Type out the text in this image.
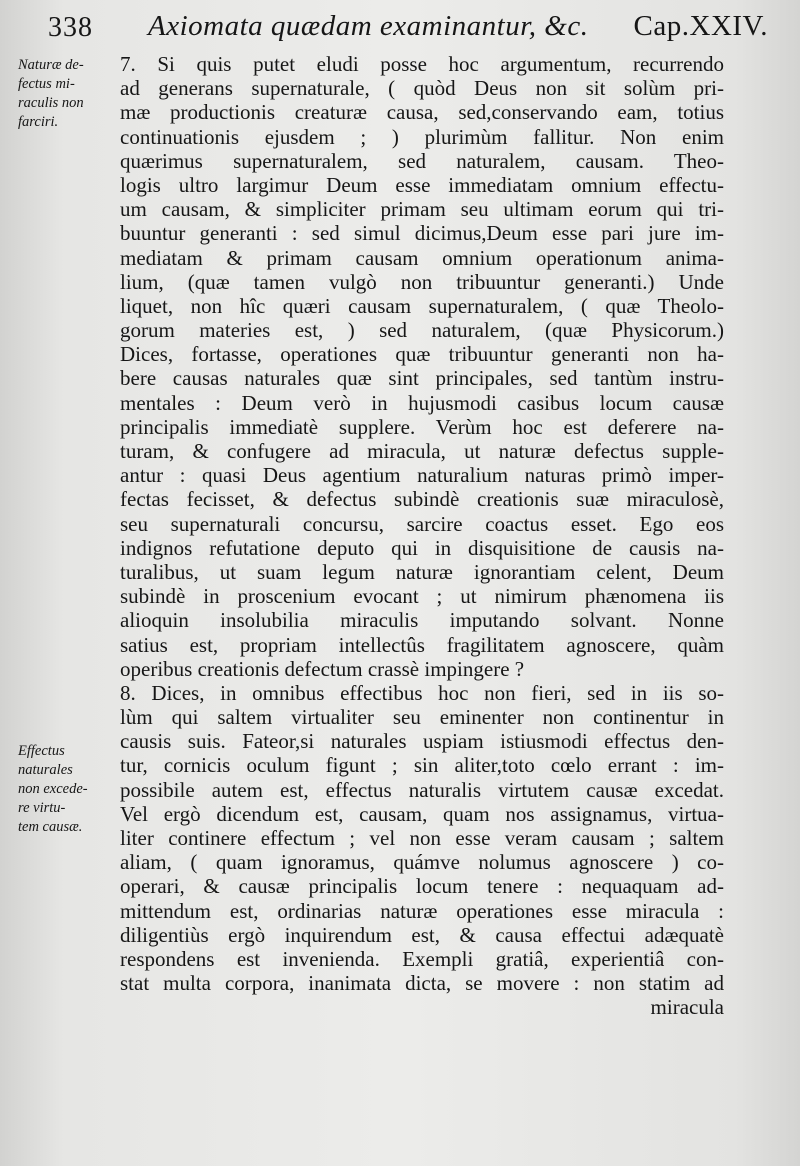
338 Axiomata quædam examinantur, &c. Cap.XXIV.
Naturæ de-
fectus mi-
raculis non
farciri.
Effectus
naturales
non excede-
re virtu-
tem causæ.
7. Si quis putet eludi posse hoc argumentum, recurrendo
ad generans supernaturale, ( quòd Deus non sit solùm pri-
mæ productionis creaturæ causa, sed,conservando eam, totius
continuationis ejusdem ; ) plurimùm fallitur. Non enim
quærimus supernaturalem, sed naturalem, causam. Theo-
logis ultro largimur Deum esse immediatam omnium effectu-
um causam, & simpliciter primam seu ultimam eorum qui tri-
buuntur generanti : sed simul dicimus,Deum esse pari jure im-
mediatam & primam causam omnium operationum anima-
lium, (quæ tamen vulgò non tribuuntur generanti.) Unde
liquet, non hîc quæri causam supernaturalem, ( quæ Theolo-
gorum materies est, ) sed naturalem, (quæ Physicorum.)
Dices, fortasse, operationes quæ tribuuntur generanti non ha-
bere causas naturales quæ sint principales, sed tantùm instru-
mentales : Deum verò in hujusmodi casibus locum causæ
principalis immediatè supplere. Verùm hoc est deferere na-
turam, & confugere ad miracula, ut naturæ defectus supple-
antur : quasi Deus agentium naturalium naturas primò imper-
fectas fecisset, & defectus subindè creationis suæ miraculosè,
seu supernaturali concursu, sarcire coactus esset. Ego eos
indignos refutatione deputo qui in disquisitione de causis na-
turalibus, ut suam legum naturæ ignorantiam celent, Deum
subindè in proscenium evocant ; ut nimirum phænomena iis
alioquin insolubilia miraculis imputando solvant. Nonne
satius est, propriam intellectûs fragilitatem agnoscere, quàm
operibus creationis defectum crassè impingere ?
8. Dices, in omnibus effectibus hoc non fieri, sed in iis so-
lùm qui saltem virtualiter seu eminenter non continentur in
causis suis. Fateor,si naturales uspiam istiusmodi effectus den-
tur, cornicis oculum figunt ; sin aliter,toto cœlo errant : im-
possibile autem est, effectus naturalis virtutem causæ excedat.
Vel ergò dicendum est, causam, quam nos assignamus, virtua-
liter continere effectum ; vel non esse veram causam ; saltem
aliam, ( quam ignoramus, quámve nolumus agnoscere ) co-
operari, & causæ principalis locum tenere : nequaquam ad-
mittendum est, ordinarias naturæ operationes esse miracula :
diligentiùs ergò inquirendum est, & causa effectui adæquatè
respondens est invenienda. Exempli gratiâ, experientiâ con-
stat multa corpora, inanimata dicta, se movere : non statim ad
miracula
